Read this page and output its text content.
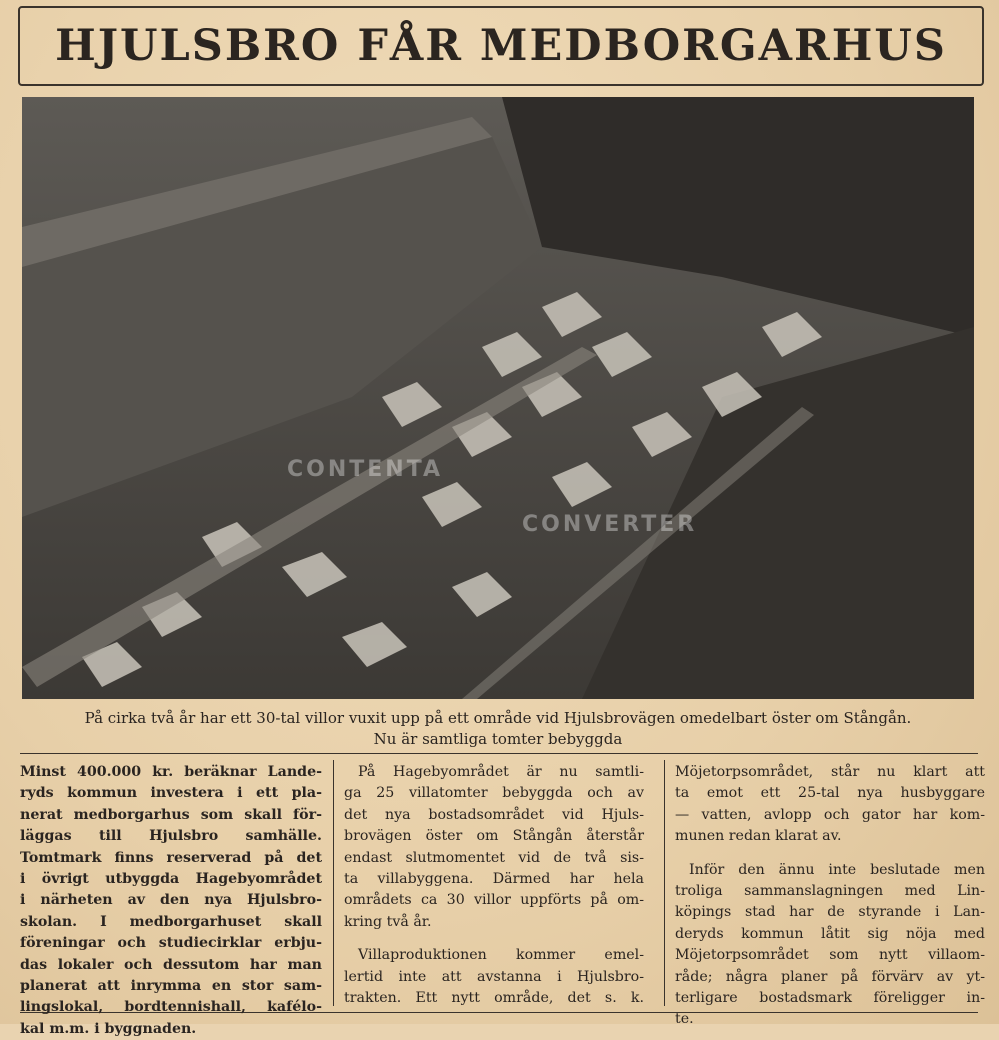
HJULSBRO FÅR MEDBORGARHUS
CONTENTA
CONVERTER
På cirka två år har ett 30-tal villor vuxit upp på ett område vid Hjulsbrovägen omedelbart öster om Stångån.
Nu är samtliga tomter bebyggda
Minst 400.000 kr. beräknar Lande-
ryds kommun investera i ett pla-
nerat medborgarhus som skall för-
läggas till Hjulsbro samhälle.
Tomtmark finns reserverad på det
i övrigt utbyggda Hagebyområdet
i närheten av den nya Hjulsbro-
skolan. I medborgarhuset skall
föreningar och studiecirklar erbju-
das lokaler och dessutom har man
planerat att inrymma en stor sam-
lingslokal, bordtennishall, kafélo-
kal m.m. i byggnaden.
På Hagebyområdet är nu samtli-
ga 25 villatomter bebyggda och av
det nya bostadsområdet vid Hjuls-
brovägen öster om Stångån återstår
endast slutmomentet vid de två sis-
ta villabyggena. Därmed har hela
områdets ca 30 villor uppförts på om-
kring två år.
Villaproduktionen kommer emel-
lertid inte att avstanna i Hjulsbro-
trakten. Ett nytt område, det s. k.
Möjetorpsområdet, står nu klart att
ta emot ett 25-tal nya husbyggare
— vatten, avlopp och gator har kom-
munen redan klarat av.
Inför den ännu inte beslutade men
troliga sammanslagningen med Lin-
köpings stad har de styrande i Lan-
deryds kommun låtit sig nöja med
Möjetorpsområdet som nytt villaom-
råde; några planer på förvärv av yt-
terligare bostadsmark föreligger in-
te.
